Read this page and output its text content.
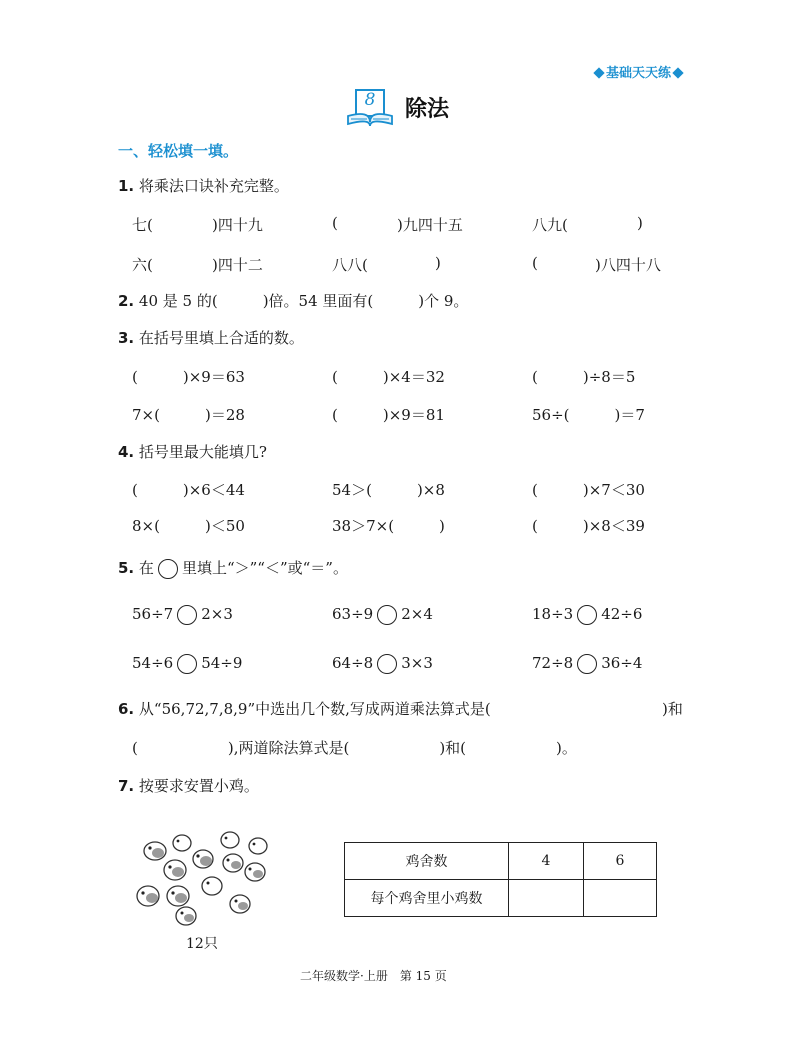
基础天天练
8 除法
一、轻松填一填。
1. 将乘法口诀补充完整。
七(	)四十九	(	)九四十五	八九(	)
六(	)四十二	八八(	)	(	)八四十八
2. 40 是 5 的(　　　)倍。54 里面有(　　　)个 9。
3. 在括号里填上合适的数。
(　　　)×9＝63	(　　　)×4＝32	(　　　)÷8＝5
7×(　　　)＝28	(　　　)×9＝81	56÷(　　　)＝7
4. 括号里最大能填几?
(　　　)×6＜44	54＞(　　　)×8	(　　　)×7＜30
8×(　　　)＜50	38＞7×(　　　)	(　　　)×8＜39
5. 在 里填上“＞”“＜”或“＝”。
56÷7 2×3	63÷9 2×4	18÷3 42÷6
54÷6 54÷9	64÷8 3×3	72÷8 36÷4
6. 从“56,72,7,8,9”中选出几个数,写成两道乘法算式是(	)和
(　　　　　　),两道除法算式是(　　　　　　)和(　　　　　　)。
7. 按要求安置小鸡。
12只
鸡舍数	4	6
每个鸡舍里小鸡数		
二年级数学·上册　第 15 页
